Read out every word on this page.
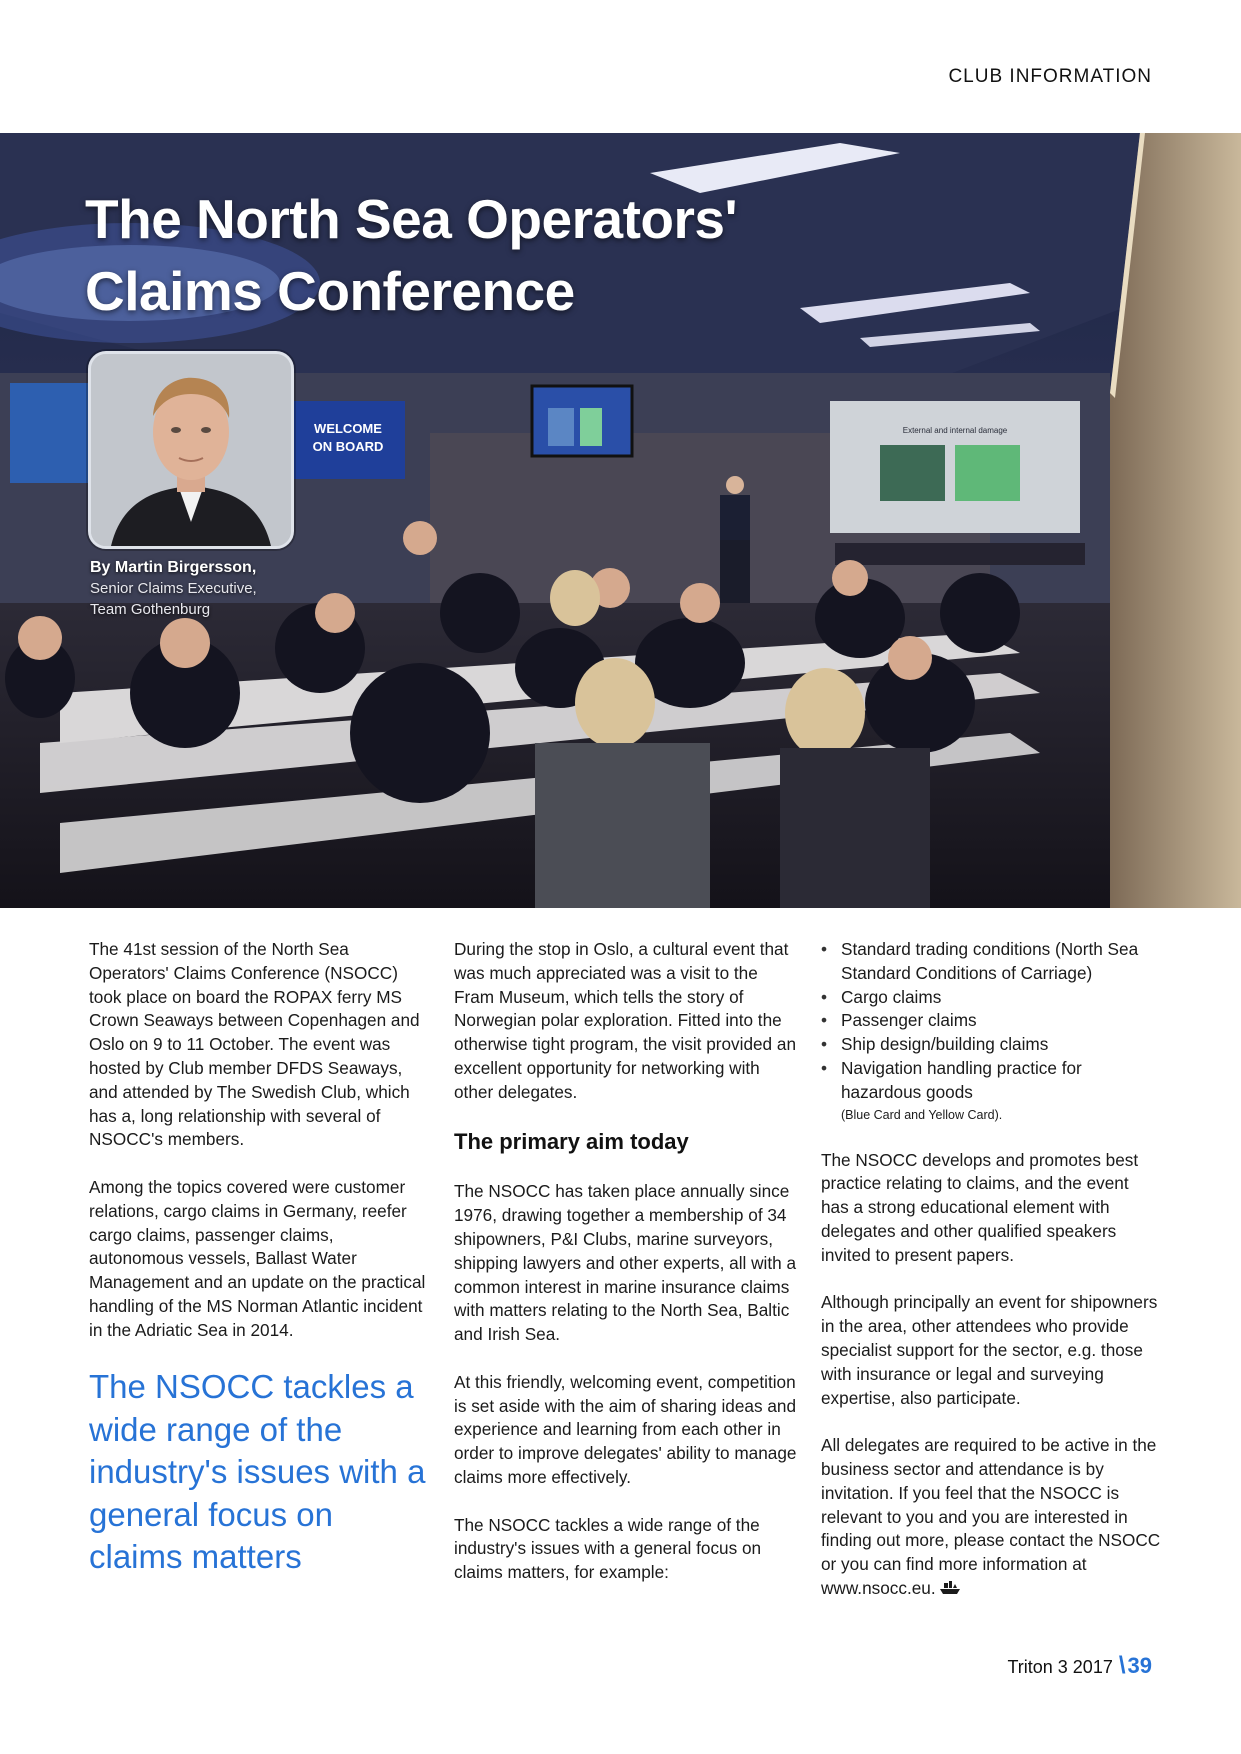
CLUB INFORMATION
WELCOME
ON BOARD
External and internal damage
The North Sea Operators'
Claims Conference
By Martin Birgersson,
Senior Claims Executive,
Team Gothenburg

The 41st session of the North Sea Operators' Claims Conference (NSOCC) took place on board the ROPAX ferry MS Crown Seaways between Copenhagen and Oslo on 9 to 11 October. The event was hosted by Club member DFDS Seaways, and attended by The Swedish Club, which has a, long relationship with several of NSOCC's members.

Among the topics covered were customer relations, cargo claims in Germany, reefer cargo claims, passenger claims, autonomous vessels, Ballast Water Management and an update on the practical handling of the MS Norman Atlantic incident in the Adriatic Sea in 2014.

The NSOCC tackles a wide range of the industry's issues with a general focus on claims matters

During the stop in Oslo, a cultural event that was much appreciated was a visit to the Fram Museum, which tells the story of Norwegian polar exploration. Fitted into the otherwise tight program, the visit provided an excellent opportunity for networking with other delegates.

The primary aim today

The NSOCC has taken place annually since 1976, drawing together a membership of 34 shipowners, P&I Clubs, marine surveyors, shipping lawyers and other experts, all with a common interest in marine insurance claims with matters relating to the North Sea, Baltic and Irish Sea.

At this friendly, welcoming event, competition is set aside with the aim of sharing ideas and experience and learning from each other in order to improve delegates' ability to manage claims more effectively.

The NSOCC tackles a wide range of the industry's issues with a general focus on claims matters, for example:

• Standard trading conditions (North Sea Standard Conditions of Carriage)
• Cargo claims
• Passenger claims
• Ship design/building claims
• Navigation handling practice for hazardous goods
(Blue Card and Yellow Card).

The NSOCC develops and promotes best practice relating to claims, and the event has a strong educational element with delegates and other qualified speakers invited to present papers.

Although principally an event for shipowners in the area, other attendees who provide specialist support for the sector, e.g. those with insurance or legal and surveying expertise, also participate.

All delegates are required to be active in the business sector and attendance is by invitation. If you feel that the NSOCC is relevant to you and you are interested in finding out more, please contact the NSOCC or you can find more information at www.nsocc.eu.

Triton 3 2017 \ 39
